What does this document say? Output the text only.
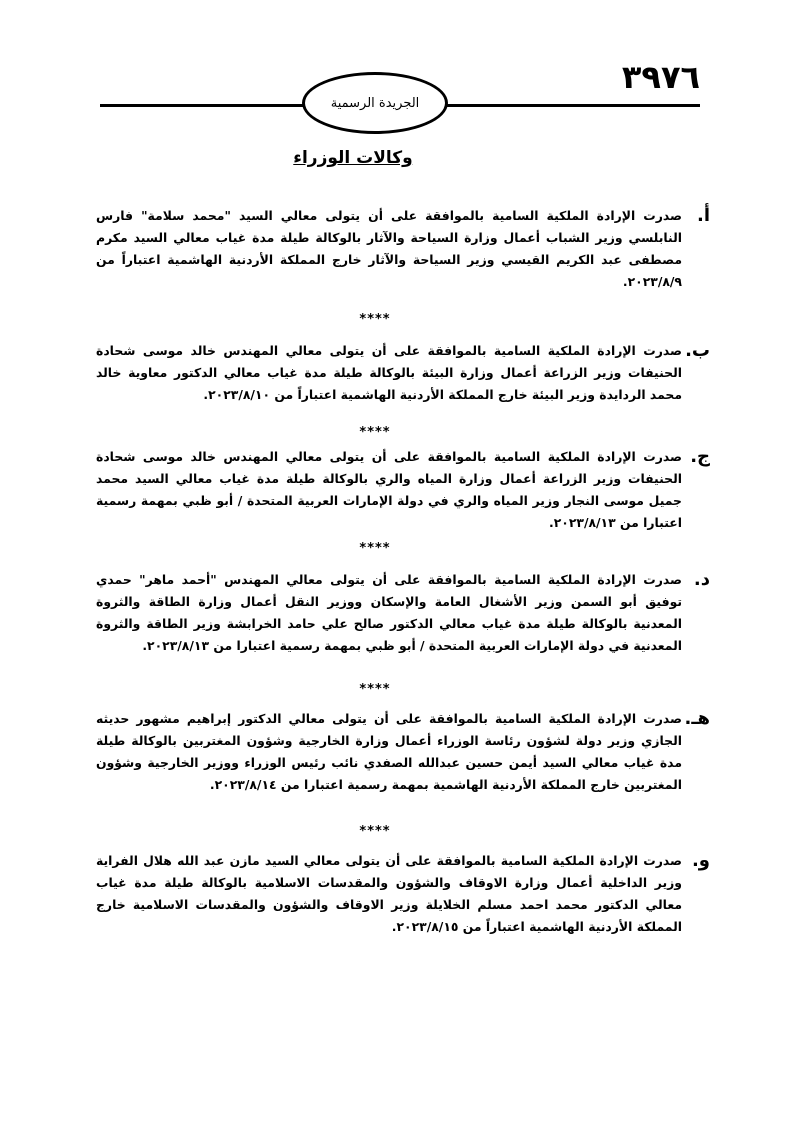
٣٩٧٦
الجريدة الرسمية
وكالات الوزراء
أ.
صدرت الإرادة الملكية السامية بالموافقة على أن يتولى معالي السيد "محمد سلامة" فارس النابلسي وزير الشباب أعمال وزارة السياحة والآثار بالوكالة طيلة مدة غياب معالي السيد مكرم مصطفى عبد الكريم القيسي وزير السياحة والآثار خارج المملكة الأردنية الهاشمية اعتباراً من ٢٠٢٣/٨/٩.
****
ب.
صدرت الإرادة الملكية السامية بالموافقة على أن يتولى معالي المهندس خالد موسى شحادة الحنيفات وزير الزراعة أعمال وزارة البيئة بالوكالة طيلة مدة غياب معالي الدكتور معاوية خالد محمد الردايدة وزير البيئة خارج المملكة الأردنية الهاشمية اعتباراً من ٢٠٢٣/٨/١٠.
****
ج.
صدرت الإرادة الملكية السامية بالموافقة على أن يتولى معالي المهندس خالد موسى شحادة الحنيفات وزير الزراعة أعمال وزارة المياه والري بالوكالة طيلة مدة غياب معالي السيد محمد جميل موسى النجار وزير المياه والري في دولة الإمارات العربية المتحدة / أبو ظبي بمهمة رسمية اعتبارا من ٢٠٢٣/٨/١٣.
****
د.
صدرت الإرادة الملكية السامية بالموافقة على أن يتولى معالي المهندس "أحمد ماهر" حمدي توفيق أبو السمن وزير الأشغال العامة والإسكان ووزير النقل أعمال وزارة الطاقة والثروة المعدنية بالوكالة طيلة مدة غياب معالي الدكتور صالح علي حامد الخرابشة وزير الطاقة والثروة المعدنية في دولة الإمارات العربية المتحدة / أبو ظبي بمهمة رسمية اعتبارا من ٢٠٢٣/٨/١٣.
****
هـ.
صدرت الإرادة الملكية السامية بالموافقة على أن يتولى معالي الدكتور إبراهيم مشهور حديثه الجازي وزير دولة لشؤون رئاسة الوزراء أعمال وزارة الخارجية وشؤون المغتربين بالوكالة طيلة مدة غياب معالي السيد أيمن حسين عبدالله الصفدي نائب رئيس الوزراء ووزير الخارجية وشؤون المغتربين خارج المملكة الأردنية الهاشمية بمهمة رسمية اعتبارا من ٢٠٢٣/٨/١٤.
****
و.
صدرت الإرادة الملكية السامية بالموافقة على أن يتولى معالي السيد مازن عبد الله هلال الفراية وزير الداخلية أعمال وزارة الاوقاف والشؤون والمقدسات الاسلامية بالوكالة طيلة مدة غياب معالي الدكتور محمد احمد مسلم الخلايلة وزير الاوقاف والشؤون والمقدسات الاسلامية خارج المملكة الأردنية الهاشمية اعتباراً من ٢٠٢٣/٨/١٥.
